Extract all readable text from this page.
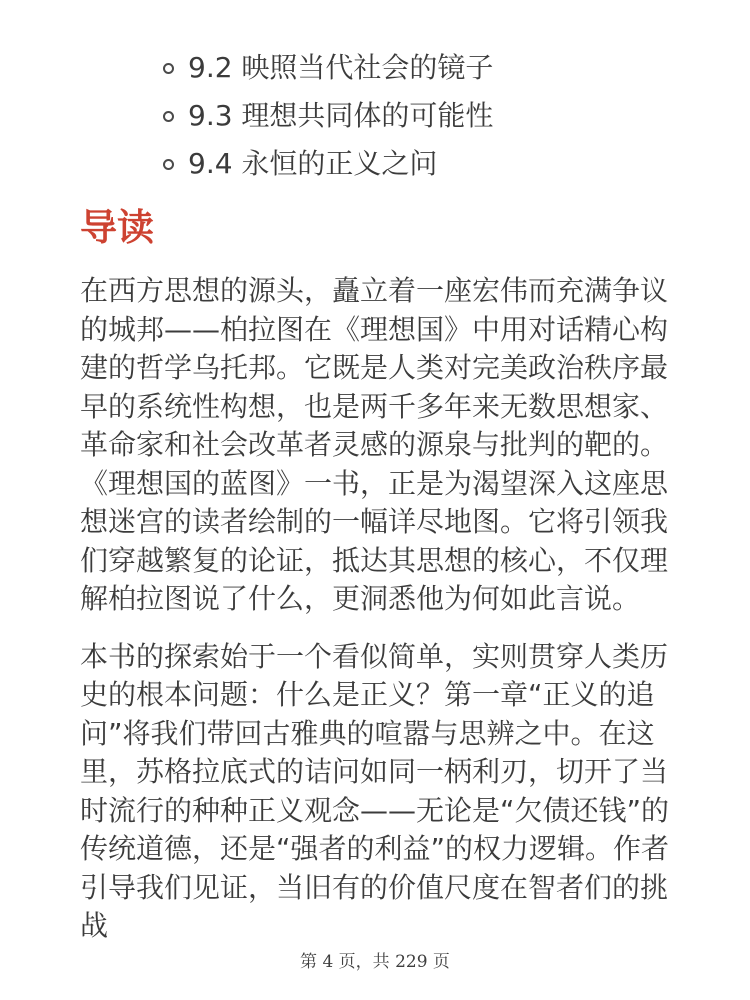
9.2 映照当代社会的镜子
9.3 理想共同体的可能性
9.4 永恒的正义之问
导读

在西方思想的源头，矗立着一座宏伟而充满争议的城邦——柏拉图在《理想国》中用对话精心构建的哲学乌托邦。它既是人类对完美政治秩序最早的系统性构想，也是两千多年来无数思想家、革命家和社会改革者灵感的源泉与批判的靶的。《理想国的蓝图》一书，正是为渴望深入这座思想迷宫的读者绘制的一幅详尽地图。它将引领我们穿越繁复的论证，抵达其思想的核心，不仅理解柏拉图说了什么，更洞悉他为何如此言说。

本书的探索始于一个看似简单，实则贯穿人类历史的根本问题：什么是正义？第一章“正义的追问”将我们带回古雅典的喧嚣与思辨之中。在这里，苏格拉底式的诘问如同一柄利刃，切开了当时流行的种种正义观念——无论是“欠债还钱”的传统道德，还是“强者的利益”的权力逻辑。作者引导我们见证，当旧有的价值尺度在智者们的挑战

第 4 页，共 229 页
